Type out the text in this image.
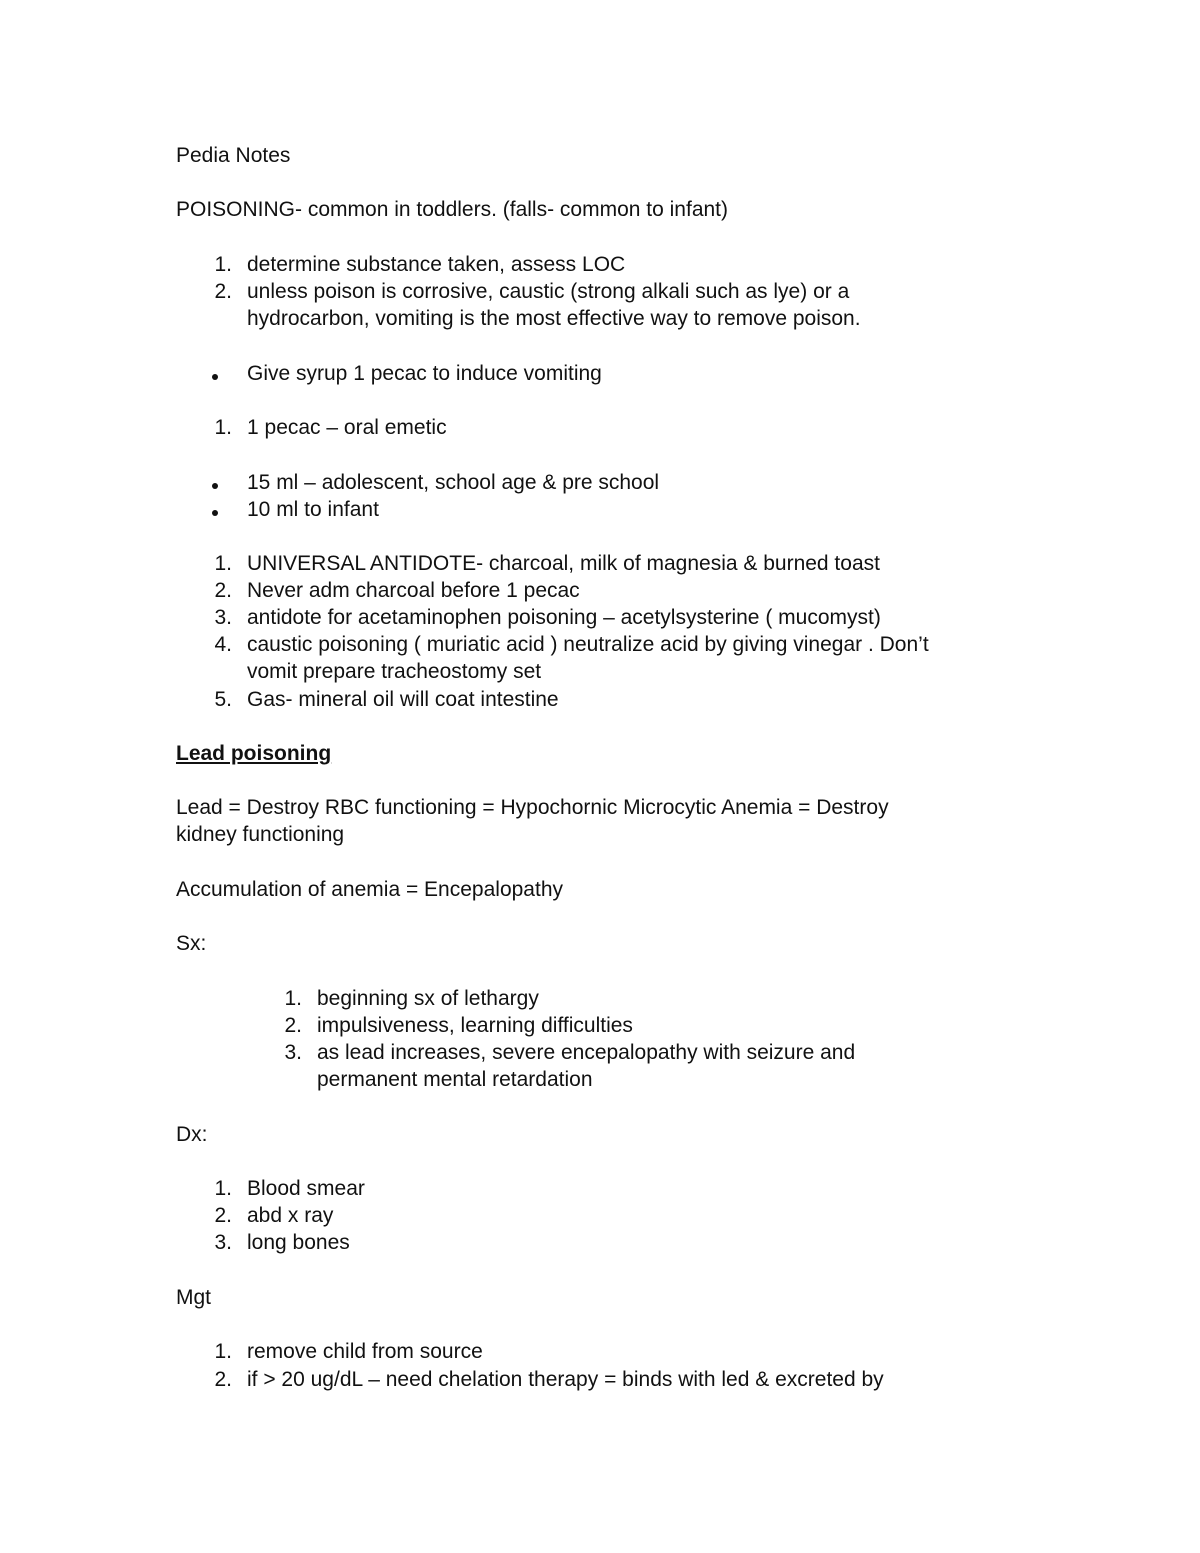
Pedia Notes
POISONING- common in toddlers. (falls- common to infant)
1. determine substance taken, assess LOC
2. unless poison is corrosive, caustic (strong alkali such as lye) or a
hydrocarbon, vomiting is the most effective way to remove poison.
Give syrup 1 pecac to induce vomiting
1. 1 pecac – oral emetic
15 ml – adolescent, school age & pre school
10 ml to infant
1. UNIVERSAL ANTIDOTE- charcoal, milk of magnesia & burned toast
2. Never adm charcoal before 1 pecac
3. antidote for acetaminophen poisoning – acetylsysterine ( mucomyst)
4. caustic poisoning ( muriatic acid ) neutralize acid by giving vinegar . Don’t
vomit prepare tracheostomy set
5. Gas- mineral oil will coat intestine
Lead poisoning
Lead = Destroy RBC functioning = Hypochornic Microcytic Anemia = Destroy
kidney functioning
Accumulation of anemia = Encepalopathy
Sx:
1. beginning sx of lethargy
2. impulsiveness, learning difficulties
3. as lead increases, severe encepalopathy with seizure and
permanent mental retardation
Dx:
1. Blood smear
2. abd x ray
3. long bones
Mgt
1. remove child from source
2. if > 20 ug/dL – need chelation therapy = binds with led & excreted by
